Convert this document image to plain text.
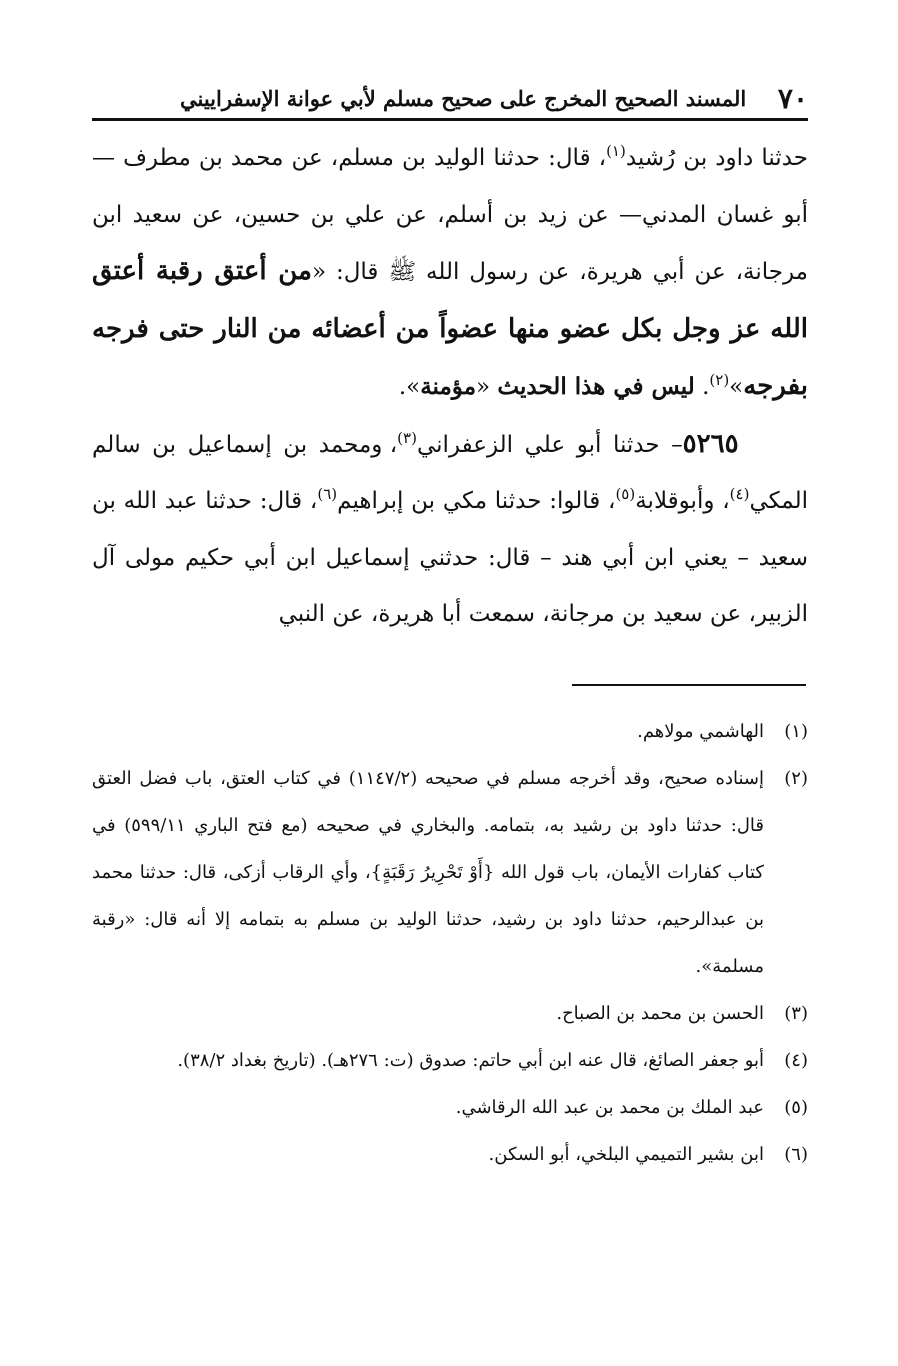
٧٠
المسند الصحيح المخرج على صحيح مسلم لأبي عوانة الإسفراييني

حدثنا داود بن رُشيد$^{(١)}$، قال: حدثنا الوليد بن مسلم، عن محمد بن مطرف —أبو غسان المدني— عن زيد بن أسلم، عن علي بن حسين، عن سعيد ابن مرجانة، عن أبي هريرة، عن رسول الله ﷺ قال: «من أعتق رقبة أعتق الله عز وجل بكل عضو منها عضواً من أعضائه من النار حتى فرجه بفرجه»$^{(٢)}$. ليس في هذا الحديث «مؤمنة».

٥٢٦٥– حدثنا أبو علي الزعفراني$^{(٣)}$، ومحمد بن إسماعيل بن سالم المكي$^{(٤)}$، وأبوقلابة$^{(٥)}$، قالوا: حدثنا مكي بن إبراهيم$^{(٦)}$، قال: حدثنا عبد الله بن سعيد – يعني ابن أبي هند – قال: حدثني إسماعيل ابن أبي حكيم مولى آل الزبير، عن سعيد بن مرجانة، سمعت أبا هريرة، عن النبي

(١)
الهاشمي مولاهم.
(٢)
إسناده صحيح، وقد أخرجه مسلم في صحيحه (١١٤٧/٢) في كتاب العتق، باب فضل العتق قال: حدثنا داود بن رشيد به، بتمامه. والبخاري في صحيحه (مع فتح الباري ٥٩٩/١١) في كتاب كفارات الأيمان، باب قول الله {أَوْ تَحْرِيرُ رَقَبَةٍ}، وأي الرقاب أزكى، قال: حدثنا محمد بن عبدالرحيم، حدثنا داود بن رشيد، حدثنا الوليد بن مسلم به بتمامه إلا أنه قال: «رقبة مسلمة».
(٣)
الحسن بن محمد بن الصباح.
(٤)
أبو جعفر الصائغ، قال عنه ابن أبي حاتم: صدوق (ت: ٢٧٦هـ). (تاريخ بغداد ٣٨/٢).
(٥)
عبد الملك بن محمد بن عبد الله الرقاشي.
(٦)
ابن بشير التميمي البلخي، أبو السكن.
